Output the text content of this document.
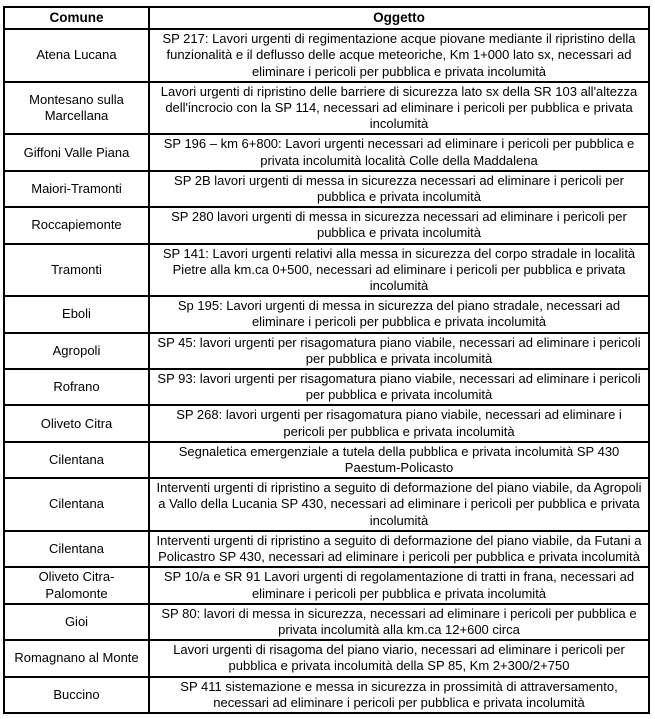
Comune	Oggetto
Atena Lucana	SP 217: Lavori urgenti di regimentazione acque piovane mediante il ripristino della funzionalità e il deflusso delle acque meteoriche, Km 1+000 lato sx, necessari ad eliminare i pericoli per pubblica e privata incolumità
Montesano sulla Marcellana	Lavori urgenti di ripristino delle barriere di sicurezza lato sx della SR 103 all'altezza dell'incrocio con la SP 114, necessari ad eliminare i pericoli per pubblica e privata incolumità
Giffoni Valle Piana	SP 196 – km 6+800: Lavori urgenti necessari ad eliminare i pericoli per pubblica e privata incolumità località Colle della Maddalena
Maiori-Tramonti	SP 2B lavori urgenti di messa in sicurezza necessari ad eliminare i pericoli per pubblica e privata incolumità
Roccapiemonte	SP 280 lavori urgenti di messa in sicurezza necessari ad eliminare i pericoli per pubblica e privata incolumità
Tramonti	SP 141: Lavori urgenti relativi alla messa in sicurezza del corpo stradale in località Pietre alla km.ca 0+500, necessari ad eliminare i pericoli per pubblica e privata incolumità
Eboli	Sp 195: Lavori urgenti di messa in sicurezza del piano stradale, necessari ad eliminare i pericoli per pubblica e privata incolumità
Agropoli	SP 45: lavori urgenti per risagomatura piano viabile, necessari ad eliminare i pericoli per pubblica e privata incolumità
Rofrano	SP 93: lavori urgenti per risagomatura piano viabile, necessari ad eliminare i pericoli per pubblica e privata incolumità
Oliveto Citra	SP 268: lavori urgenti per risagomatura piano viabile, necessari ad eliminare i pericoli per pubblica e privata incolumità
Cilentana	Segnaletica emergenziale a tutela della pubblica e privata incolumità SP 430 Paestum-Policasto
Cilentana	Interventi urgenti di ripristino a seguito di deformazione del piano viabile, da Agropoli a Vallo della Lucania SP 430, necessari ad eliminare i pericoli per pubblica e privata incolumità
Cilentana	Interventi urgenti di ripristino a seguito di deformazione del piano viabile, da Futani a Policastro SP 430, necessari ad eliminare i pericoli per pubblica e privata incolumità
Oliveto Citra-Palomonte	SP 10/a e SR 91 Lavori urgenti di regolamentazione di tratti in frana, necessari ad eliminare i pericoli per pubblica e privata incolumità
Gioi	SP 80: lavori di messa in sicurezza, necessari ad eliminare i pericoli per pubblica e privata incolumità alla km.ca 12+600 circa
Romagnano al Monte	Lavori urgenti di risagoma del piano viario, necessari ad eliminare i pericoli per pubblica e privata incolumità della SP 85, Km 2+300/2+750
Buccino	SP 411 sistemazione e messa in sicurezza in prossimità di attraversamento, necessari ad eliminare i pericoli per pubblica e privata incolumità
